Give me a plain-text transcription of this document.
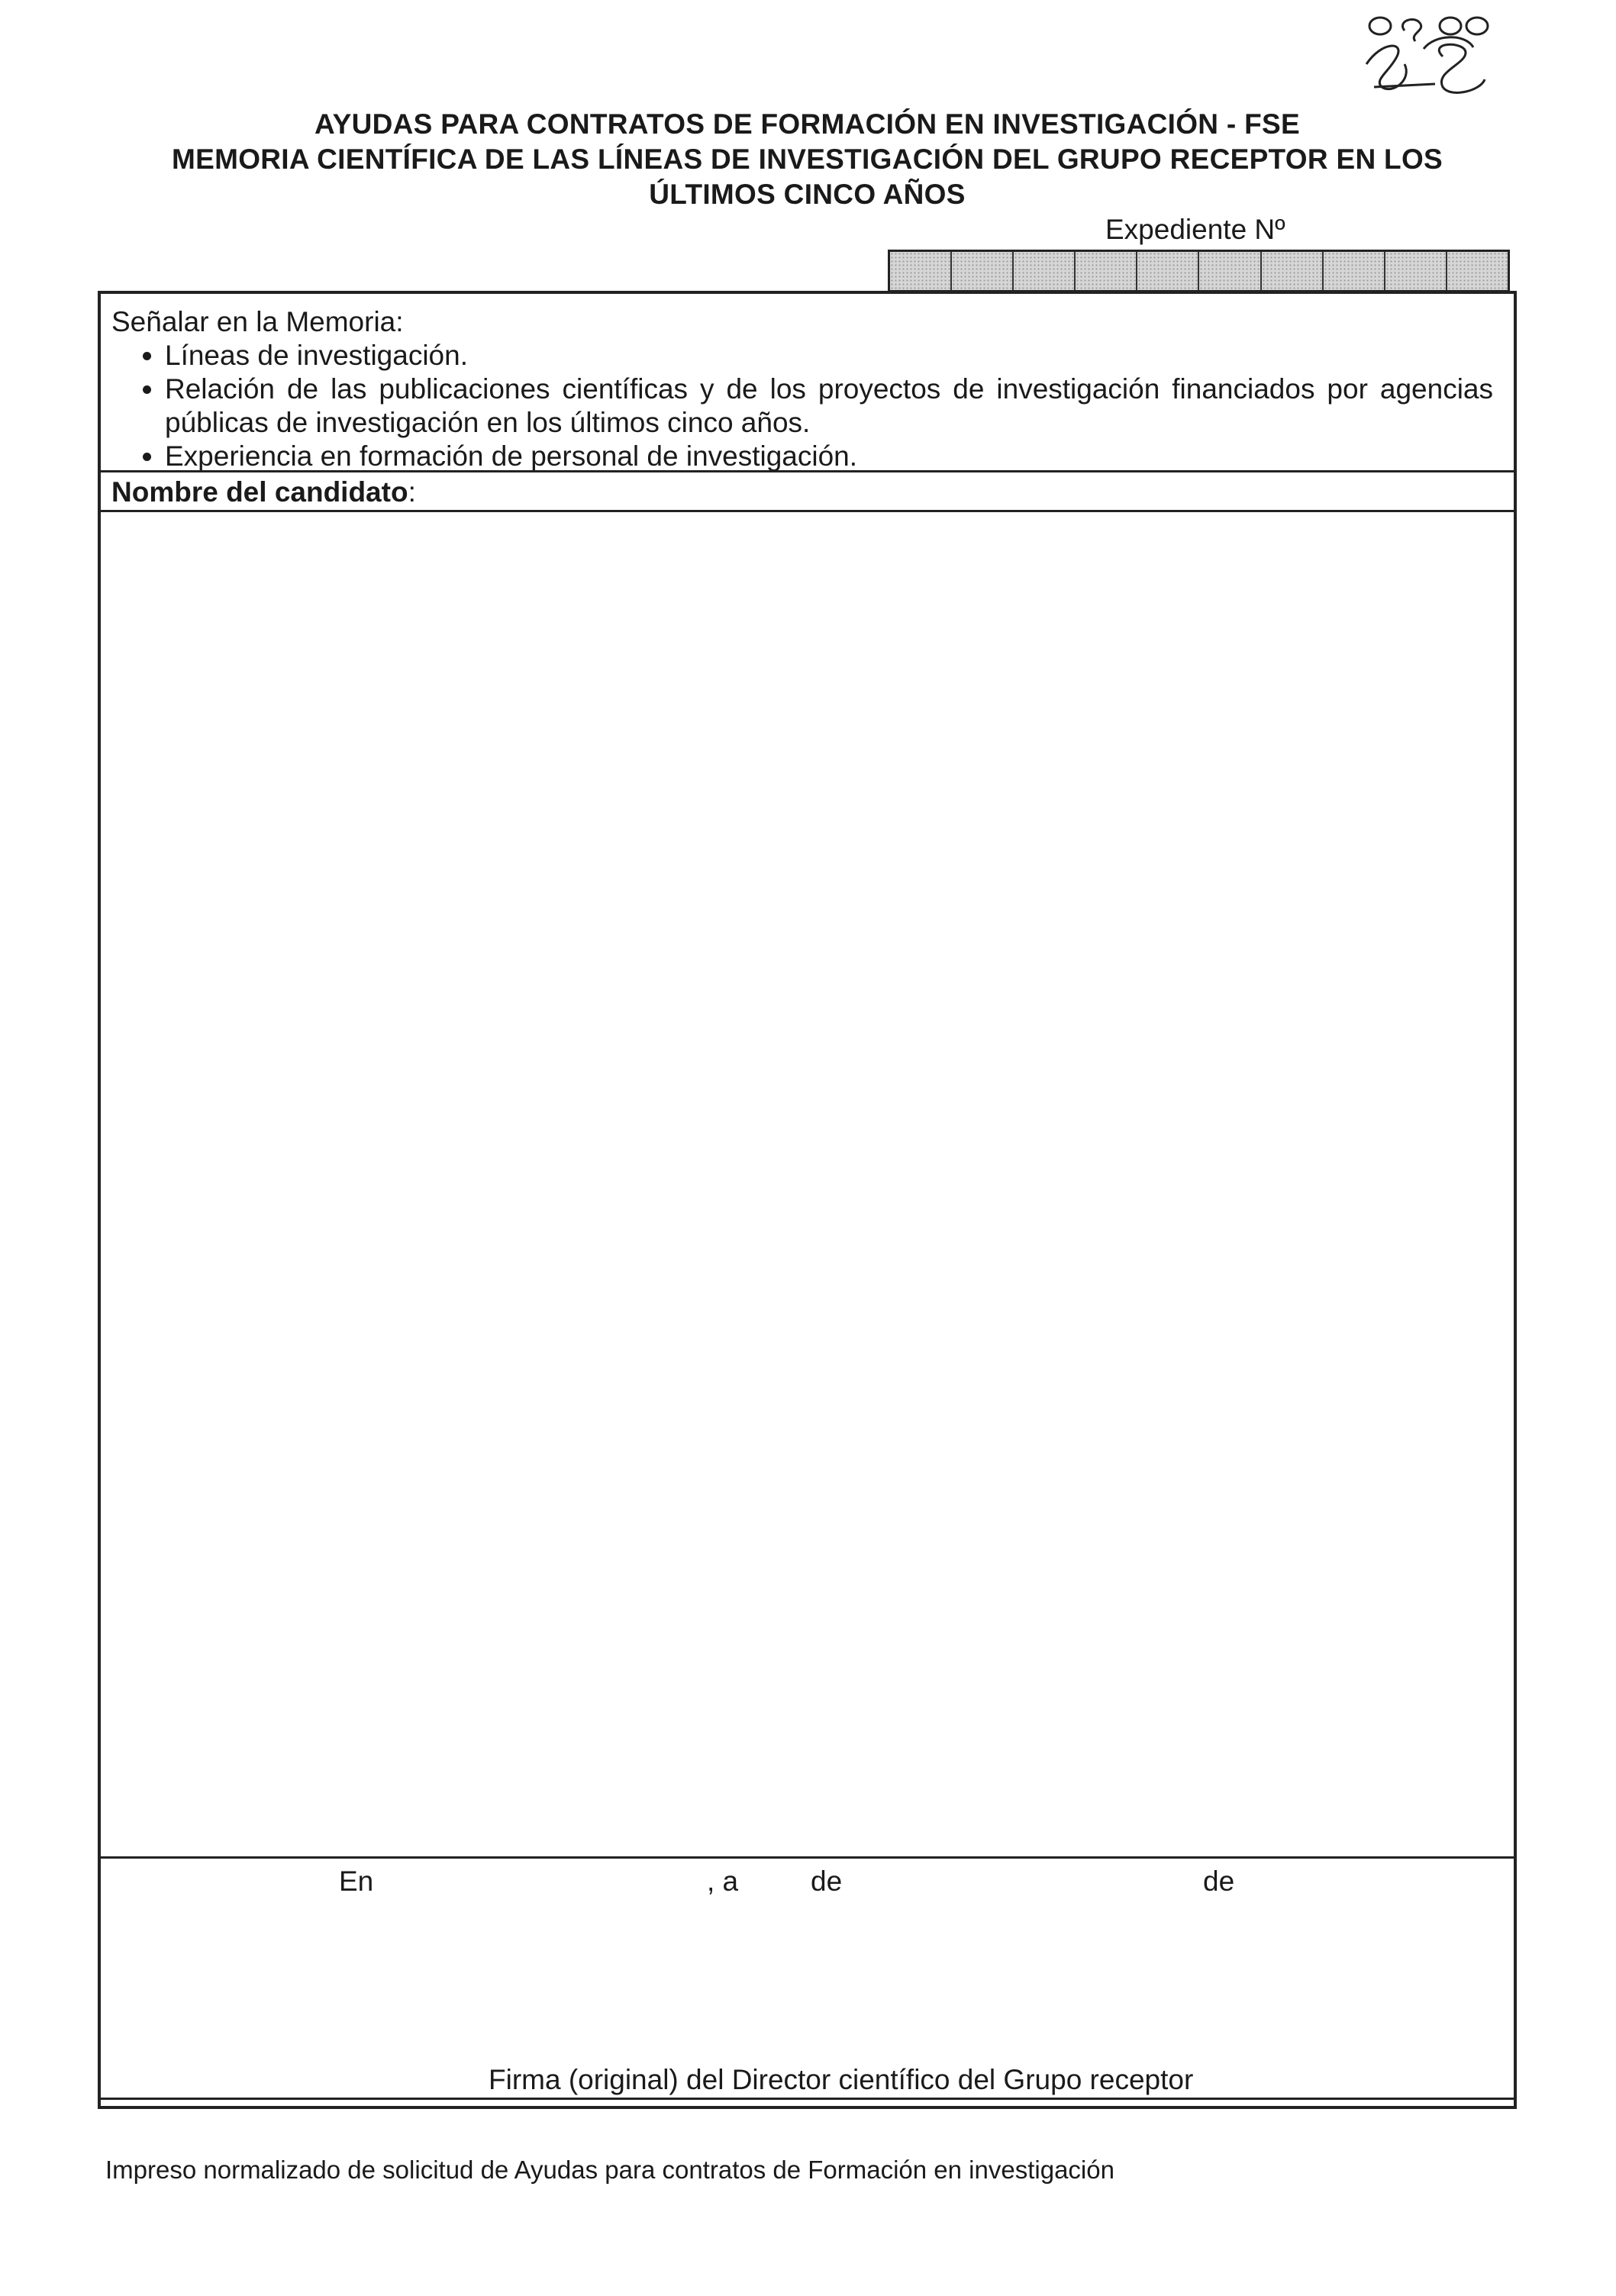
AYUDAS PARA CONTRATOS DE FORMACIÓN EN INVESTIGACIÓN - FSE
MEMORIA CIENTÍFICA DE LAS LÍNEAS DE INVESTIGACIÓN DEL GRUPO RECEPTOR EN LOS
ÚLTIMOS CINCO AÑOS
Expediente Nº
Señalar en la Memoria:
• Líneas de investigación.
• Relación de las publicaciones científicas y de los proyectos de investigación financiados por agencias públicas de investigación en los últimos cinco años.
• Experiencia en formación de personal de investigación.
Nombre del candidato:
En	, a	de	de
Firma (original) del Director científico del Grupo receptor
Impreso normalizado de solicitud de Ayudas para contratos de Formación en investigación
